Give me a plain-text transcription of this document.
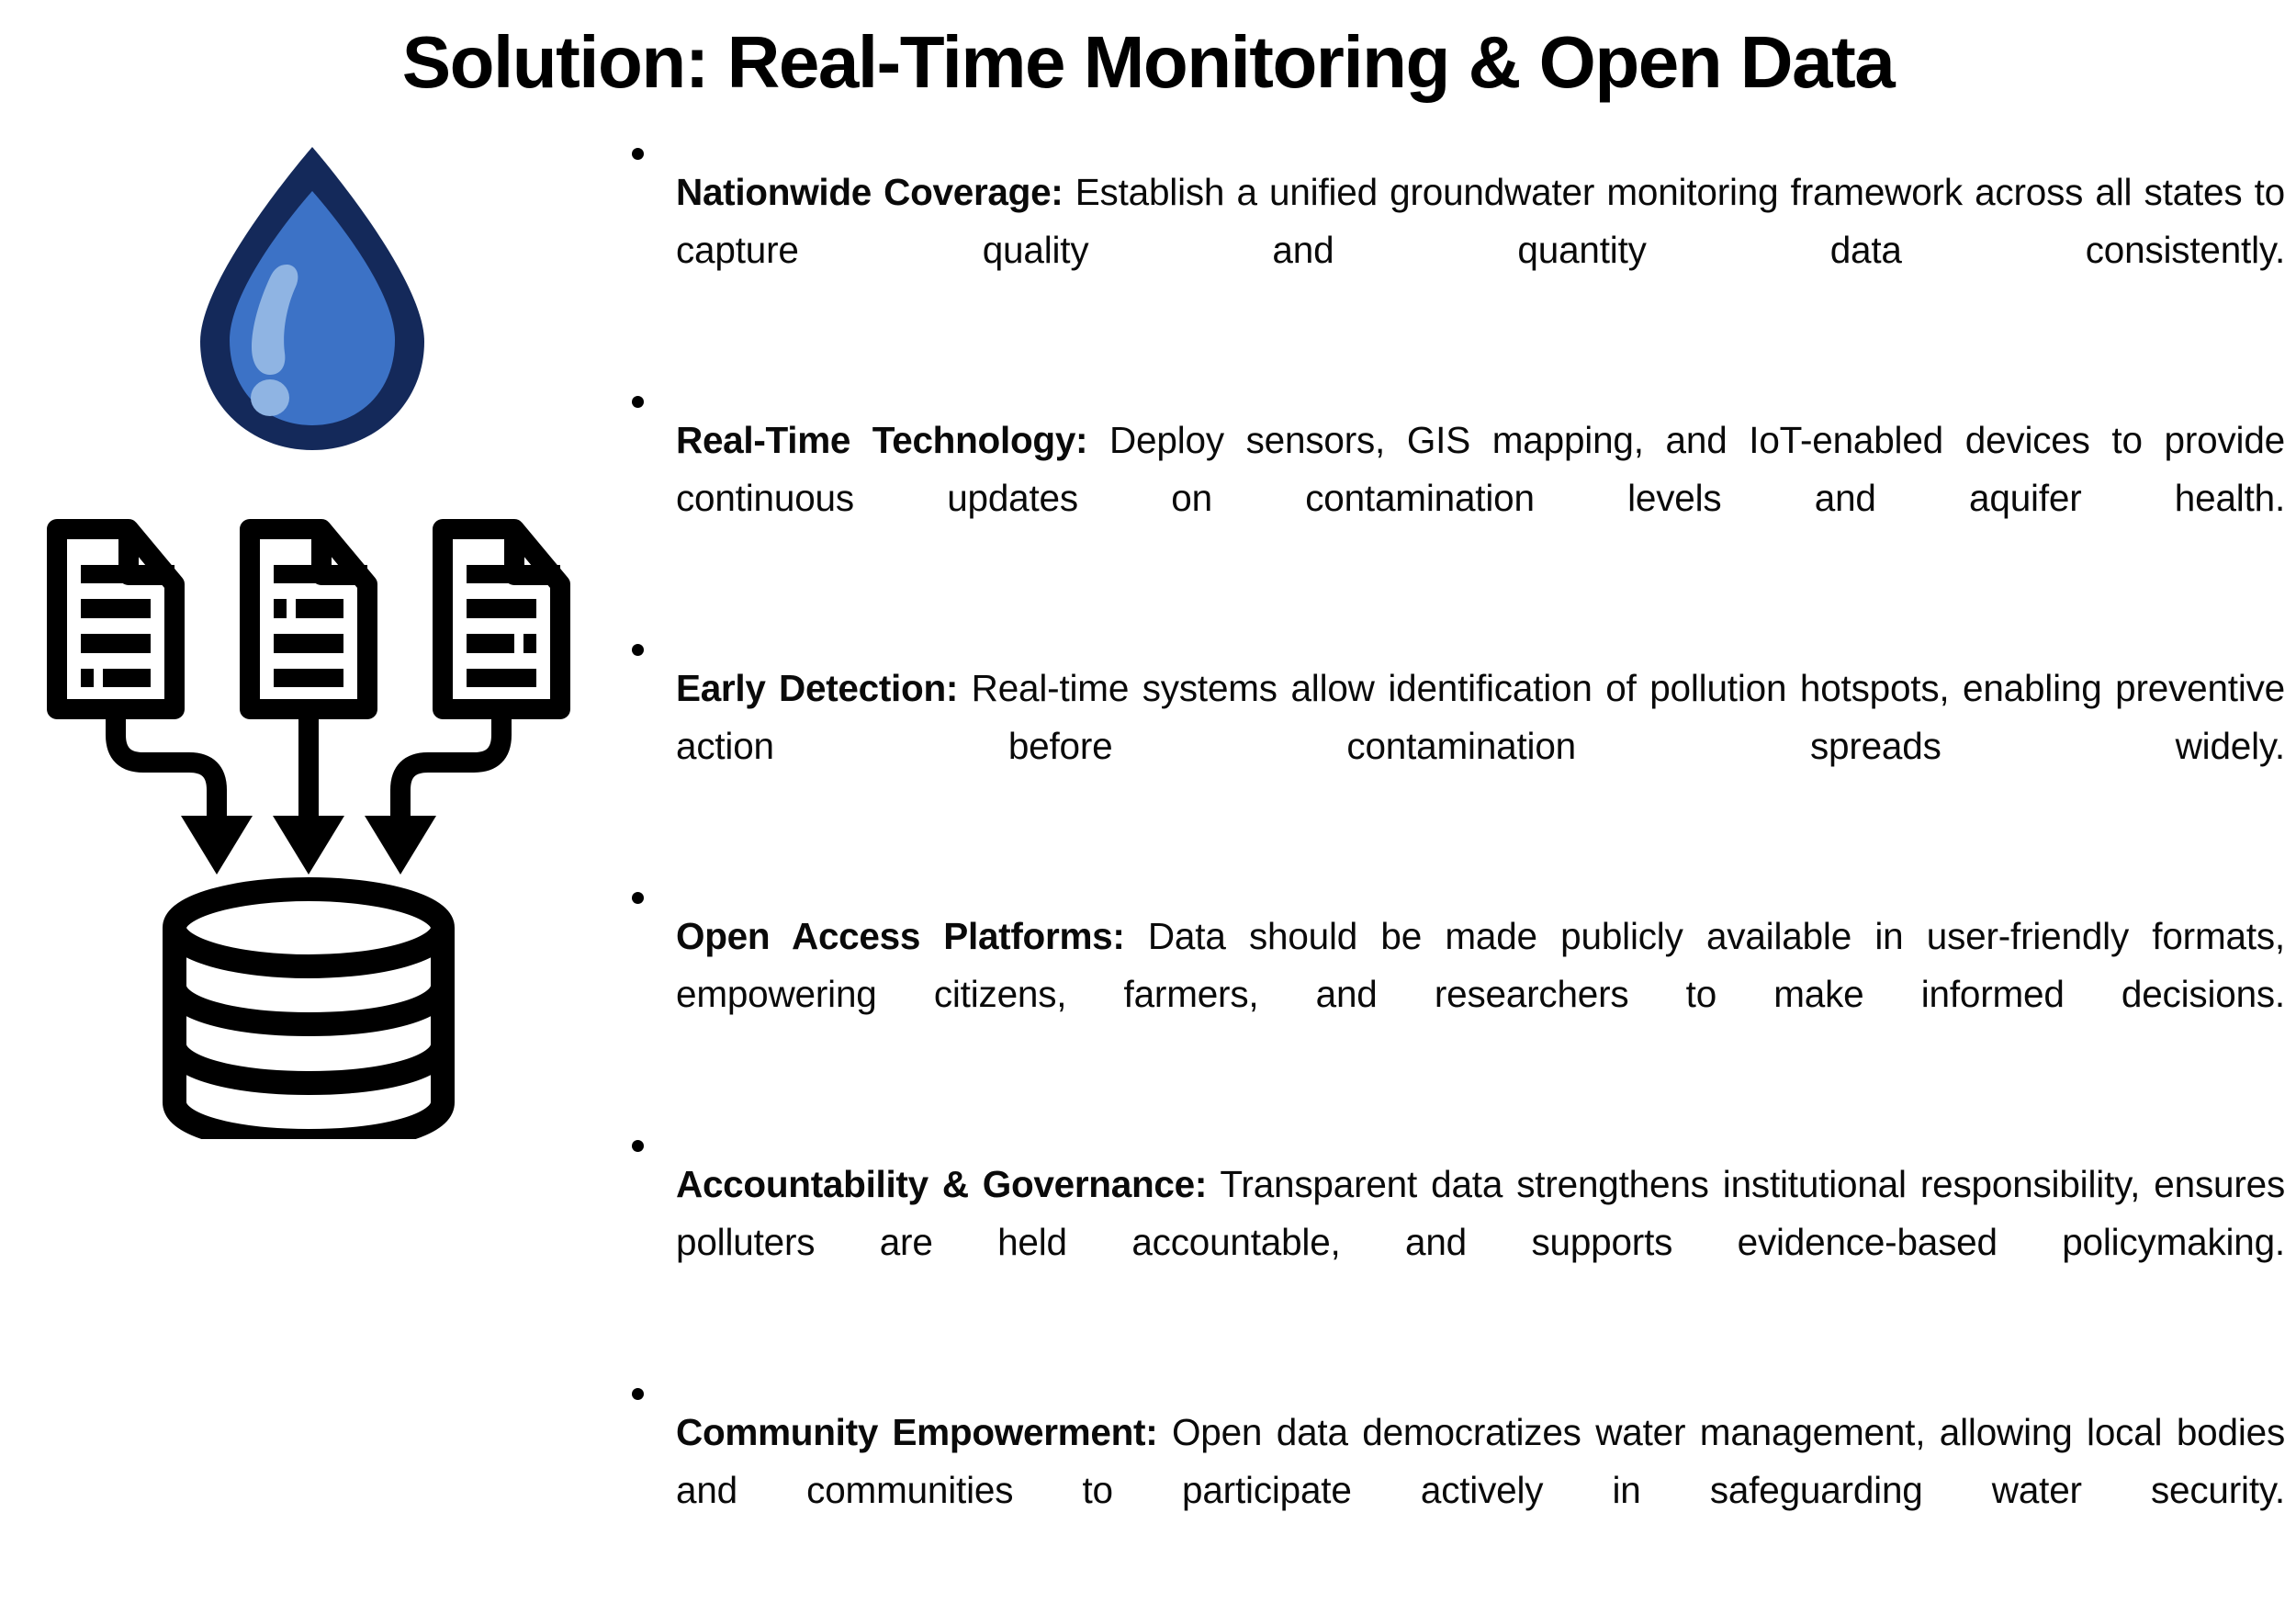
Solution: Real-Time Monitoring & Open Data

Nationwide Coverage: Establish a unified groundwater monitoring framework across all states to capture quality and quantity data consistently.

Real-Time Technology: Deploy sensors, GIS mapping, and IoT-enabled devices to provide continuous updates on contamination levels and aquifer health.

Early Detection: Real-time systems allow identification of pollution hotspots, enabling preventive action before contamination spreads widely.

Open Access Platforms: Data should be made publicly available in user-friendly formats, empowering citizens, farmers, and researchers to make informed decisions.

Accountability & Governance: Transparent data strengthens institutional responsibility, ensures polluters are held accountable, and supports evidence-based policymaking.

Community Empowerment: Open data democratizes water management, allowing local bodies and communities to participate actively in safeguarding water security.
